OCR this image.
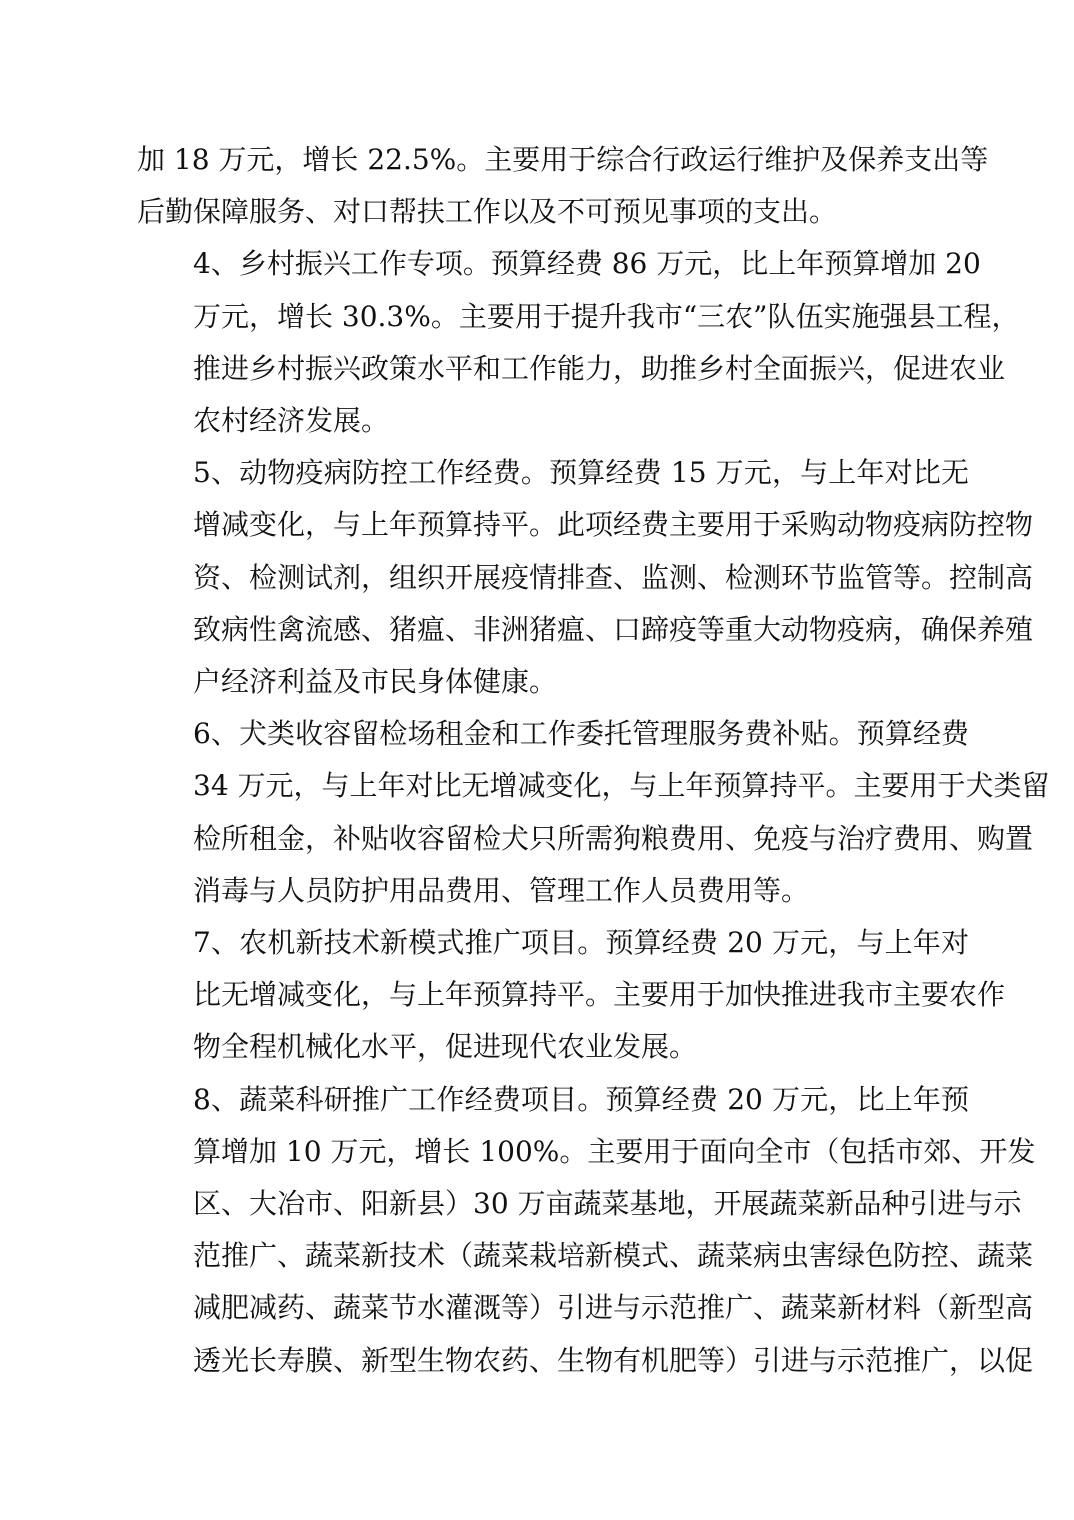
加 18 万元，增长 22.5%。主要用于综合行政运行维护及保养支出等
后勤保障服务、对口帮扶工作以及不可预见事项的支出。

4、乡村振兴工作专项。预算经费 86 万元，比上年预算增加 20
万元，增长 30.3%。主要用于提升我市“三农”队伍实施强县工程，
推进乡村振兴政策水平和工作能力，助推乡村全面振兴，促进农业
农村经济发展。

5、动物疫病防控工作经费。预算经费 15 万元，与上年对比无
增减变化，与上年预算持平。此项经费主要用于采购动物疫病防控物
资、检测试剂，组织开展疫情排查、监测、检测环节监管等。控制高
致病性禽流感、猪瘟、非洲猪瘟、口蹄疫等重大动物疫病，确保养殖
户经济利益及市民身体健康。

6、犬类收容留检场租金和工作委托管理服务费补贴。预算经费
34 万元，与上年对比无增减变化，与上年预算持平。主要用于犬类留
检所租金，补贴收容留检犬只所需狗粮费用、免疫与治疗费用、购置
消毒与人员防护用品费用、管理工作人员费用等。

7、农机新技术新模式推广项目。预算经费 20 万元，与上年对
比无增减变化，与上年预算持平。主要用于加快推进我市主要农作
物全程机械化水平，促进现代农业发展。

8、蔬菜科研推广工作经费项目。预算经费 20 万元，比上年预
算增加 10 万元，增长 100%。主要用于面向全市（包括市郊、开发
区、大冶市、阳新县）30 万亩蔬菜基地，开展蔬菜新品种引进与示
范推广、蔬菜新技术（蔬菜栽培新模式、蔬菜病虫害绿色防控、蔬菜
减肥减药、蔬菜节水灌溉等）引进与示范推广、蔬菜新材料（新型高
透光长寿膜、新型生物农药、生物有机肥等）引进与示范推广，以促
